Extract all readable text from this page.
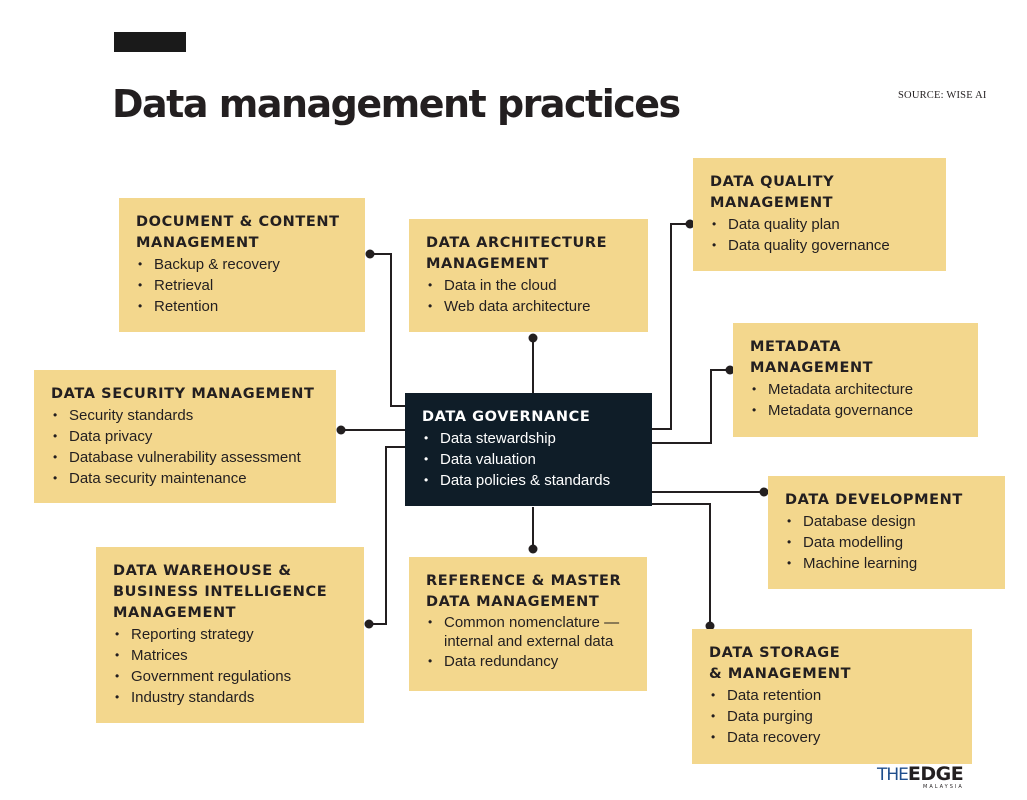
Data management practices	SOURCE: WISE AI
DOCUMENT & CONTENT
MANAGEMENT
• Backup & recovery
• Retrieval
• Retention
DATA ARCHITECTURE
MANAGEMENT
• Data in the cloud
• Web data architecture
DATA QUALITY
MANAGEMENT
• Data quality plan
• Data quality governance
METADATA
MANAGEMENT
• Metadata architecture
• Metadata governance
DATA SECURITY MANAGEMENT
• Security standards
• Data privacy
• Database vulnerability assessment
• Data security maintenance
DATA GOVERNANCE
• Data stewardship
• Data valuation
• Data policies & standards
DATA DEVELOPMENT
• Database design
• Data modelling
• Machine learning
DATA WAREHOUSE &
BUSINESS INTELLIGENCE
MANAGEMENT
• Reporting strategy
• Matrices
• Government regulations
• Industry standards
REFERENCE & MASTER
DATA MANAGEMENT
• Common nomenclature —
internal and external data
• Data redundancy	DATA STORAGE
& MANAGEMENT
• Data retention
• Data purging
• Data recovery
THEEDGE
MALAYSIA
